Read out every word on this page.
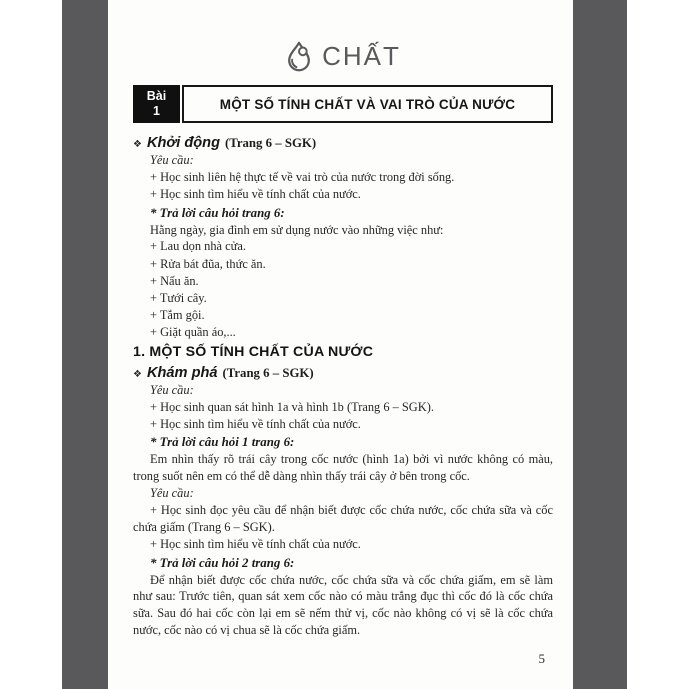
CHẤT
Bài
1	MỘT SỐ TÍNH CHẤT VÀ VAI TRÒ CỦA NƯỚC
❖ Khởi động (Trang 6 – SGK)

Yêu cầu:

+ Học sinh liên hệ thực tế về vai trò của nước trong đời sống.

+ Học sinh tìm hiểu về tính chất của nước.

* Trả lời câu hỏi trang 6:

Hằng ngày, gia đình em sử dụng nước vào những việc như:

+ Lau dọn nhà cửa.

+ Rửa bát đũa, thức ăn.

+ Nấu ăn.

+ Tưới cây.

+ Tắm gội.

+ Giặt quần áo,...

1. MỘT SỐ TÍNH CHẤT CỦA NƯỚC
❖ Khám phá (Trang 6 – SGK)

Yêu cầu:

+ Học sinh quan sát hình 1a và hình 1b (Trang 6 – SGK).

+ Học sinh tìm hiểu về tính chất của nước.

* Trả lời câu hỏi 1 trang 6:

Em nhìn thấy rõ trái cây trong cốc nước (hình 1a) bởi vì nước không có màu, trong suốt nên em có thể dễ dàng nhìn thấy trái cây ở bên trong cốc.

Yêu cầu:

+ Học sinh đọc yêu cầu để nhận biết được cốc chứa nước, cốc chứa sữa và cốc chứa giấm (Trang 6 – SGK).

+ Học sinh tìm hiểu về tính chất của nước.

* Trả lời câu hỏi 2 trang 6:

Để nhận biết được cốc chứa nước, cốc chứa sữa và cốc chứa giấm, em sẽ làm như sau: Trước tiên, quan sát xem cốc nào có màu trắng đục thì cốc đó là cốc chứa sữa. Sau đó hai cốc còn lại em sẽ nếm thử vị, cốc nào không có vị sẽ là cốc chứa nước, cốc nào có vị chua sẽ là cốc chứa giấm.

5
